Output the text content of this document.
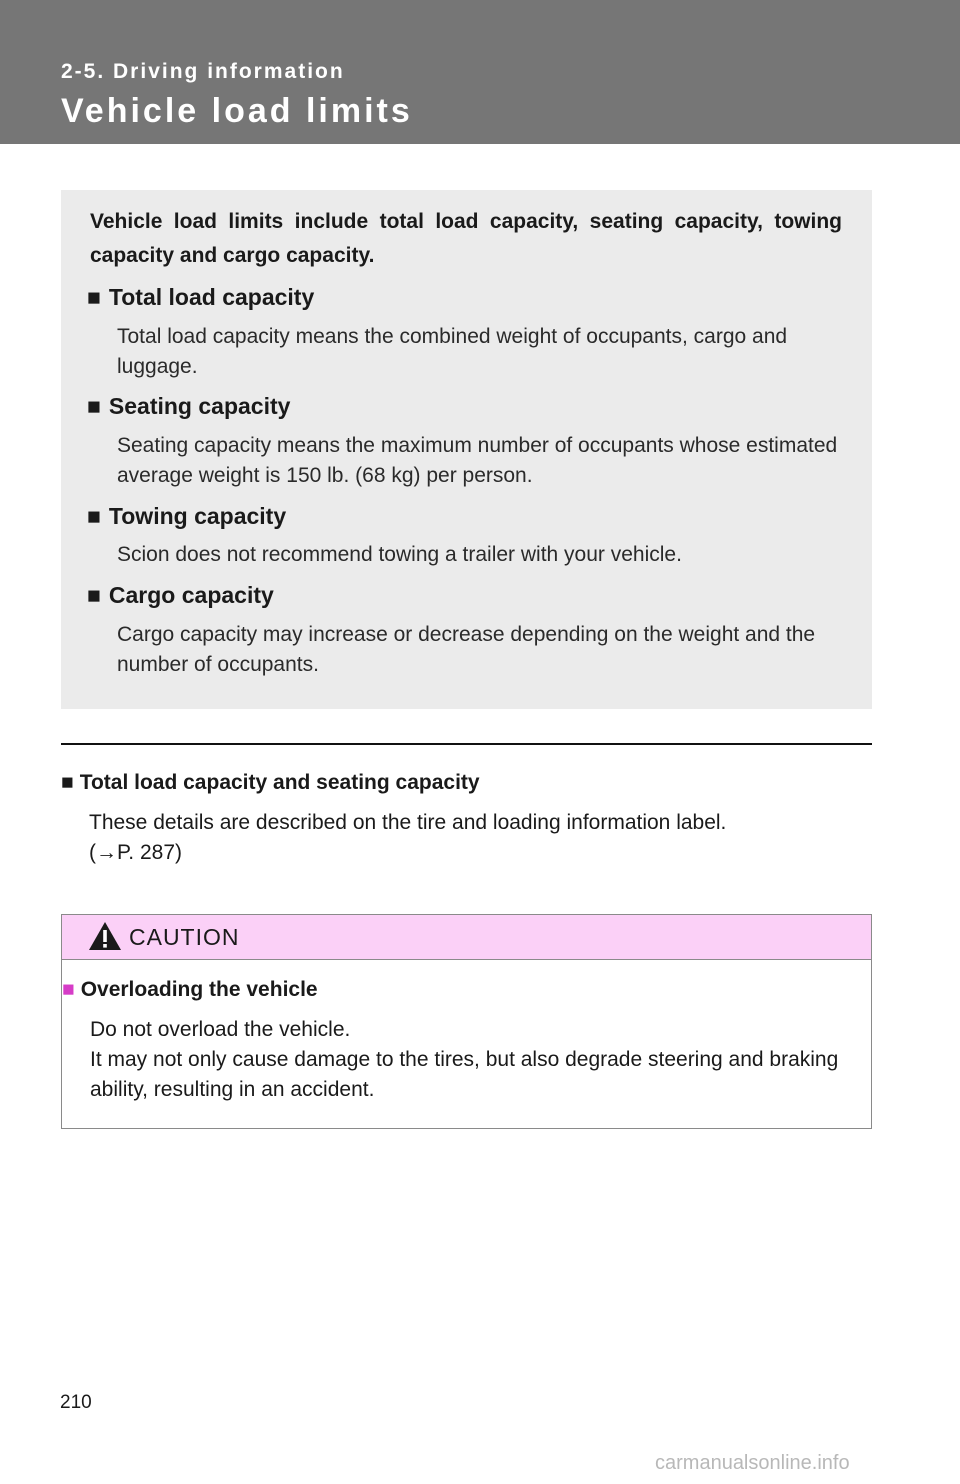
2-5. Driving information
Vehicle load limits
Vehicle load limits include total load capacity, seating capacity, towing capacity and cargo capacity.
■ Total load capacity
Total load capacity means the combined weight of occupants, cargo and luggage.
■ Seating capacity
Seating capacity means the maximum number of occupants whose estimated average weight is 150 lb. (68 kg) per person.
■ Towing capacity
Scion does not recommend towing a trailer with your vehicle.
■ Cargo capacity
Cargo capacity may increase or decrease depending on the weight and the number of occupants.
■ Total load capacity and seating capacity
These details are described on the tire and loading information label.
(→P. 287)
CAUTION
■ Overloading the vehicle
Do not overload the vehicle.
It may not only cause damage to the tires, but also degrade steering and braking ability, resulting in an accident.
210
carmanualsonline.info
